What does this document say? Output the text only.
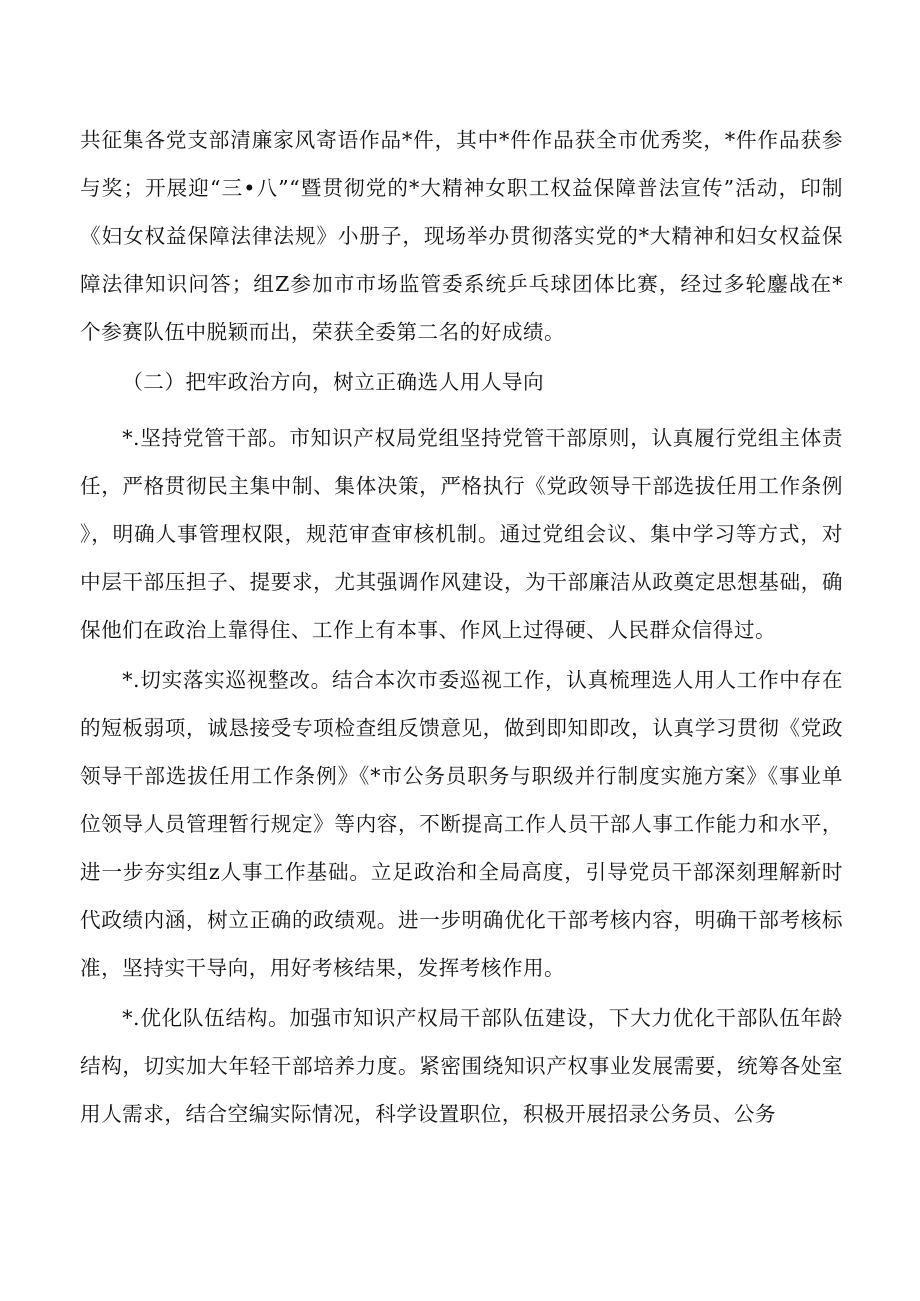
共征集各党支部清廉家风寄语作品*件，其中*件作品获全市优秀奖，*件作品获参与奖；开展迎“三•八”“暨贯彻党的*大精神女职工权益保障普法宣传”活动，印制《妇女权益保障法律法规》小册子，现场举办贯彻落实党的*大精神和妇女权益保障法律知识问答；组Z参加市市场监管委系统乒乓球团体比赛，经过多轮鏖战在*个参赛队伍中脱颖而出，荣获全委第二名的好成绩。

（二）把牢政治方向，树立正确选人用人导向

*.坚持党管干部。市知识产权局党组坚持党管干部原则，认真履行党组主体责任，严格贯彻民主集中制、集体决策，严格执行《党政领导干部选拔任用工作条例》，明确人事管理权限，规范审查审核机制。通过党组会议、集中学习等方式，对中层干部压担子、提要求，尤其强调作风建设，为干部廉洁从政奠定思想基础，确保他们在政治上靠得住、工作上有本事、作风上过得硬、人民群众信得过。

*.切实落实巡视整改。结合本次市委巡视工作，认真梳理选人用人工作中存在的短板弱项，诚恳接受专项检查组反馈意见，做到即知即改，认真学习贯彻《党政领导干部选拔任用工作条例》《*市公务员职务与职级并行制度实施方案》《事业单位领导人员管理暂行规定》等内容，不断提高工作人员干部人事工作能力和水平，进一步夯实组z人事工作基础。立足政治和全局高度，引导党员干部深刻理解新时代政绩内涵，树立正确的政绩观。进一步明确优化干部考核内容，明确干部考核标准，坚持实干导向，用好考核结果，发挥考核作用。

*.优化队伍结构。加强市知识产权局干部队伍建设，下大力优化干部队伍年龄结构，切实加大年轻干部培养力度。紧密围绕知识产权事业发展需要，统筹各处室用人需求，结合空编实际情况，科学设置职位，积极开展招录公务员、公务
